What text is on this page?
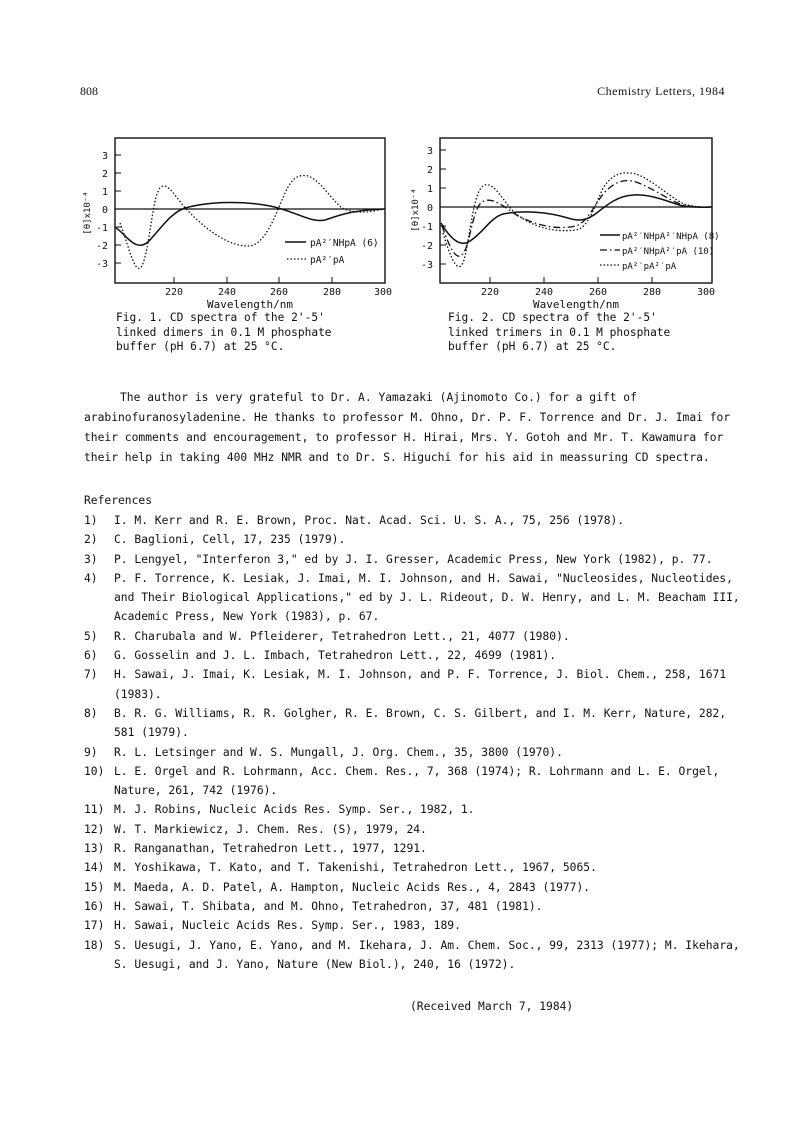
808	Chemistry Letters, 1984
3
2
1
0
-1
-2
-3
[θ]x10⁻⁴
220	240	260	280	300
Wavelength/nm
pA²′NHpA (6)
pA²′pA
Fig. 1. CD spectra of the 2'-5'
linked dimers in 0.1 M phosphate
buffer (pH 6.7) at 25 °C.
3
2
1
0
-1
-2
-3
[θ]x10⁻⁴
220	240	260	280	300
Wavelength/nm
pA²′NHpA²′NHpA (8)
pA²′NHpA²′pA (10)
pA²′pA²′pA
Fig. 2. CD spectra of the 2'-5'
linked trimers in 0.1 M phosphate
buffer (pH 6.7) at 25 °C.
The author is very grateful to Dr. A. Yamazaki (Ajinomoto Co.) for a gift of arabinofuranosyladenine. He thanks to professor M. Ohno, Dr. P. F. Torrence and Dr. J. Imai for their comments and encouragement, to professor H. Hirai, Mrs. Y. Gotoh and Mr. T. Kawamura for their help in taking 400 MHz NMR and to Dr. S. Higuchi for his aid in meassuring CD spectra.
References
1)	I. M. Kerr and R. E. Brown, Proc. Nat. Acad. Sci. U. S. A., 75, 256 (1978).
2)	C. Baglioni, Cell, 17, 235 (1979).
3)	P. Lengyel, "Interferon 3," ed by J. I. Gresser, Academic Press, New York (1982), p. 77.
4)	P. F. Torrence, K. Lesiak, J. Imai, M. I. Johnson, and H. Sawai, "Nucleosides, Nucleotides, and Their Biological Applications," ed by J. L. Rideout, D. W. Henry, and L. M. Beacham III, Academic Press, New York (1983), p. 67.
5)	R. Charubala and W. Pfleiderer, Tetrahedron Lett., 21, 4077 (1980).
6)	G. Gosselin and J. L. Imbach, Tetrahedron Lett., 22, 4699 (1981).
7)	H. Sawai, J. Imai, K. Lesiak, M. I. Johnson, and P. F. Torrence, J. Biol. Chem., 258, 1671 (1983).
8)	B. R. G. Williams, R. R. Golgher, R. E. Brown, C. S. Gilbert, and I. M. Kerr, Nature, 282, 581 (1979).
9)	R. L. Letsinger and W. S. Mungall, J. Org. Chem., 35, 3800 (1970).
10) L. E. Orgel and R. Lohrmann, Acc. Chem. Res., 7, 368 (1974); R. Lohrmann and L. E. Orgel, Nature, 261, 742 (1976).
11) M. J. Robins, Nucleic Acids Res. Symp. Ser., 1982, 1.
12) W. T. Markiewicz, J. Chem. Res. (S), 1979, 24.
13) R. Ranganathan, Tetrahedron Lett., 1977, 1291.
14) M. Yoshikawa, T. Kato, and T. Takenishi, Tetrahedron Lett., 1967, 5065.
15) M. Maeda, A. D. Patel, A. Hampton, Nucleic Acids Res., 4, 2843 (1977).
16) H. Sawai, T. Shibata, and M. Ohno, Tetrahedron, 37, 481 (1981).
17) H. Sawai, Nucleic Acids Res. Symp. Ser., 1983, 189.
18) S. Uesugi, J. Yano, E. Yano, and M. Ikehara, J. Am. Chem. Soc., 99, 2313 (1977); M. Ikehara, S. Uesugi, and J. Yano, Nature (New Biol.), 240, 16 (1972).
(Received March 7, 1984)
